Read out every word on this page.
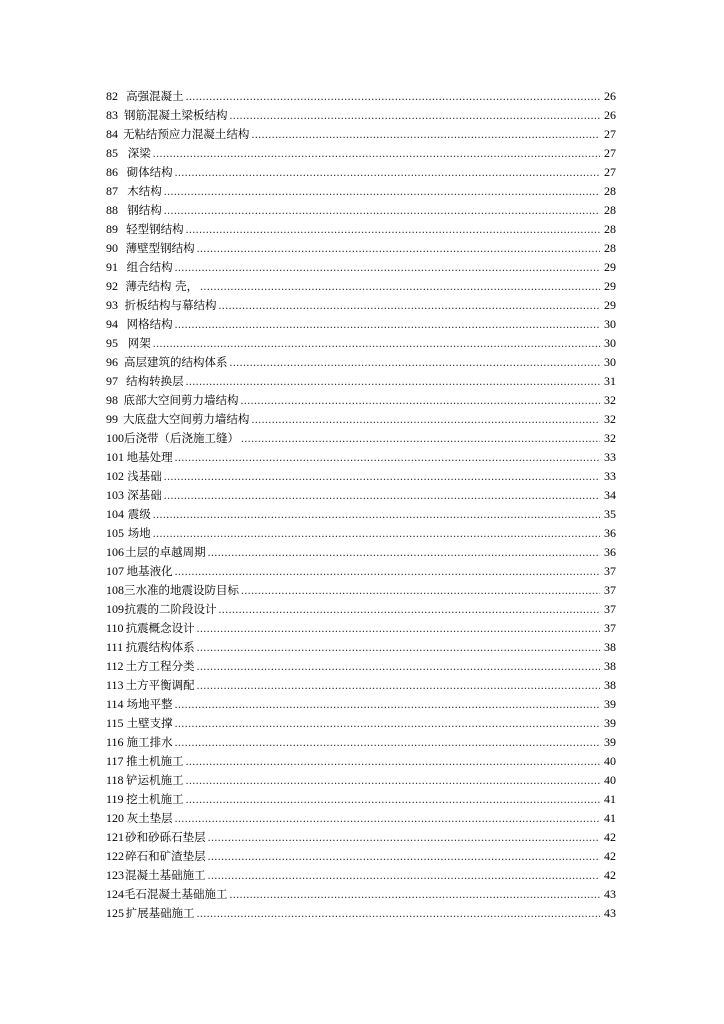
82 高强混凝土 .....	26
83 钢筋混凝土梁板结构 .....	26
84 无粘结预应力混凝土结构 .....	27
85 深梁 .....	27
86 砌体结构 .....	27
87 木结构 .....	28
88 钢结构 .....	28
89 轻型钢结构 .....	28
90 薄壁型钢结构 .....	28
91 组合结构 .....	29
92 薄壳结构 壳， .....	29
93 折板结构与幕结构 .....	29
94 网格结构 .....	30
95 网架 .....	30
96 高层建筑的结构体系 .....	30
97 结构转换层 .....	31
98 底部大空间剪力墙结构 .....	32
99 大底盘大空间剪力墙结构 .....	32
100 后浇带（后浇施工缝） .....	32
101 地基处理 .....	33
102 浅基础 .....	33
103 深基础 .....	34
104 震级 .....	35
105 场地 .....	36
106 土层的卓越周期 .....	36
107 地基液化 .....	37
108 三水准的地震设防目标 .....	37
109 抗震的二阶段设计 .....	37
110 抗震概念设计 .....	37
111 抗震结构体系 .....	38
112 土方工程分类 .....	38
113 土方平衡调配 .....	38
114 场地平整 .....	39
115 土壁支撑 .....	39
116 施工排水 .....	39
117 推土机施工 .....	40
118 铲运机施工 .....	40
119 挖土机施工 .....	41
120 灰土垫层 .....	41
121 砂和砂砾石垫层 .....	42
122 碎石和矿渣垫层 .....	42
123 混凝土基础施工 .....	42
124 毛石混凝土基础施工 .....	43
125 扩展基础施工 .....	43
